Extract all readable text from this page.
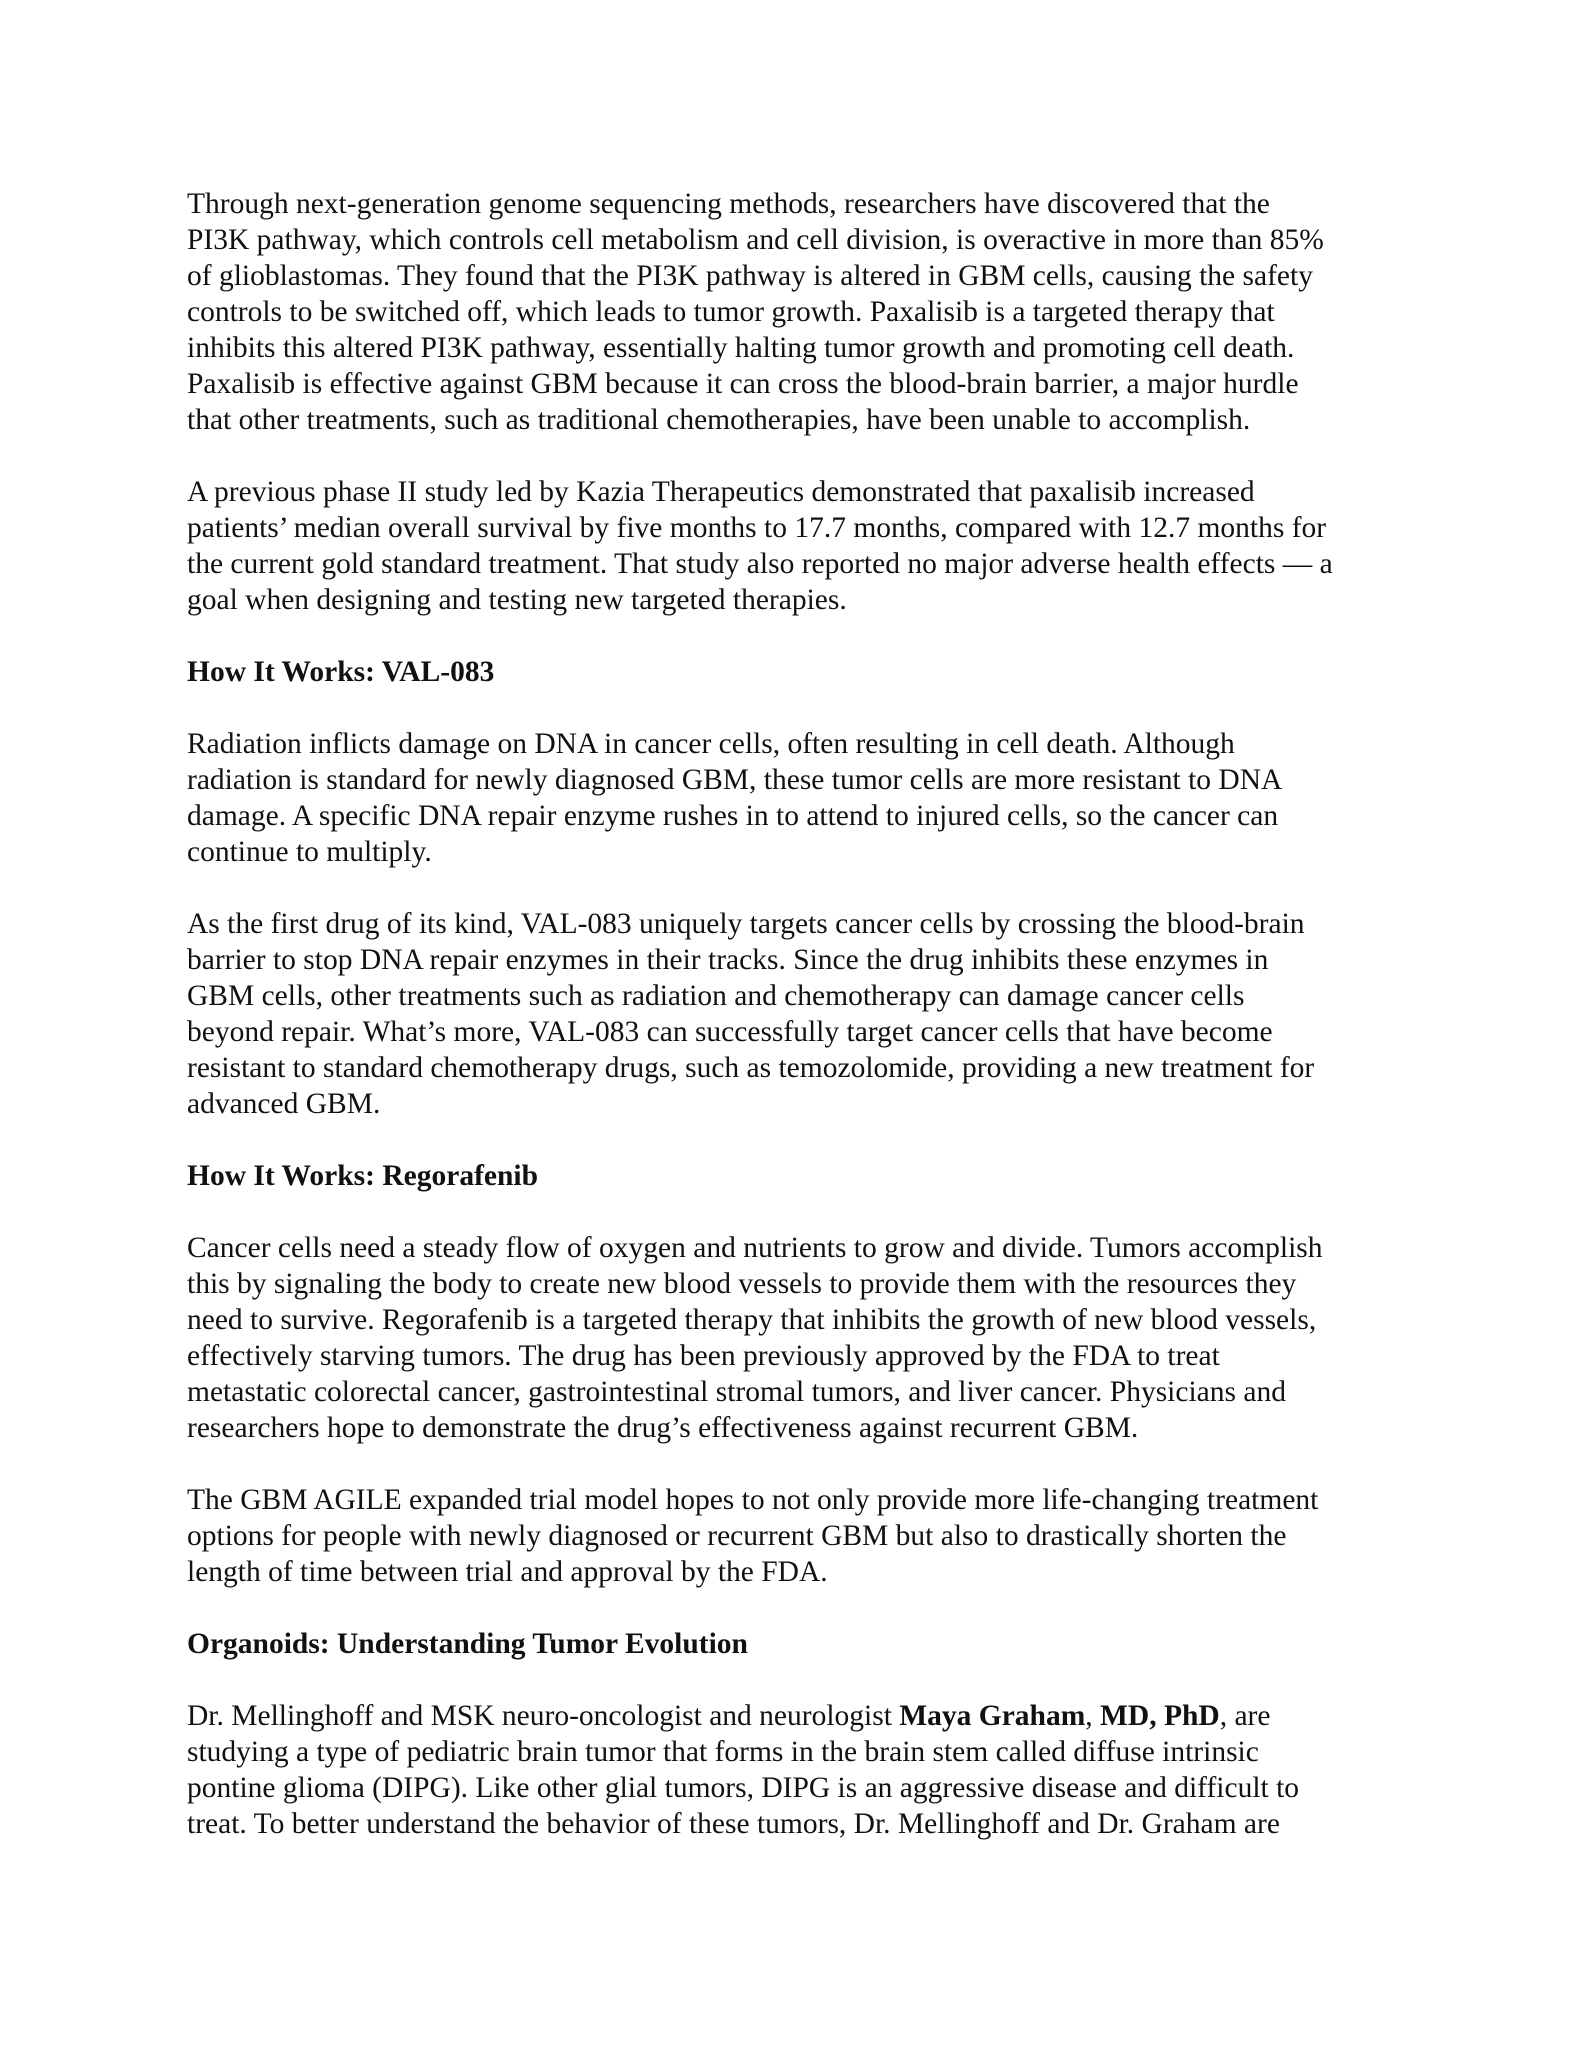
Through next-generation genome sequencing methods, researchers have discovered that the
PI3K pathway, which controls cell metabolism and cell division, is overactive in more than 85%
of glioblastomas. They found that the PI3K pathway is altered in GBM cells, causing the safety
controls to be switched off, which leads to tumor growth. Paxalisib is a targeted therapy that
inhibits this altered PI3K pathway, essentially halting tumor growth and promoting cell death.
Paxalisib is effective against GBM because it can cross the blood-brain barrier, a major hurdle
that other treatments, such as traditional chemotherapies, have been unable to accomplish.

A previous phase II study led by Kazia Therapeutics demonstrated that paxalisib increased
patients’ median overall survival by five months to 17.7 months, compared with 12.7 months for
the current gold standard treatment. That study also reported no major adverse health effects — a
goal when designing and testing new targeted therapies.

How It Works: VAL-083

Radiation inflicts damage on DNA in cancer cells, often resulting in cell death. Although
radiation is standard for newly diagnosed GBM, these tumor cells are more resistant to DNA
damage. A specific DNA repair enzyme rushes in to attend to injured cells, so the cancer can
continue to multiply.

As the first drug of its kind, VAL-083 uniquely targets cancer cells by crossing the blood-brain
barrier to stop DNA repair enzymes in their tracks. Since the drug inhibits these enzymes in
GBM cells, other treatments such as radiation and chemotherapy can damage cancer cells
beyond repair. What’s more, VAL-083 can successfully target cancer cells that have become
resistant to standard chemotherapy drugs, such as temozolomide, providing a new treatment for
advanced GBM.

How It Works: Regorafenib

Cancer cells need a steady flow of oxygen and nutrients to grow and divide. Tumors accomplish
this by signaling the body to create new blood vessels to provide them with the resources they
need to survive. Regorafenib is a targeted therapy that inhibits the growth of new blood vessels,
effectively starving tumors. The drug has been previously approved by the FDA to treat
metastatic colorectal cancer, gastrointestinal stromal tumors, and liver cancer. Physicians and
researchers hope to demonstrate the drug’s effectiveness against recurrent GBM.

The GBM AGILE expanded trial model hopes to not only provide more life-changing treatment
options for people with newly diagnosed or recurrent GBM but also to drastically shorten the
length of time between trial and approval by the FDA.

Organoids: Understanding Tumor Evolution

Dr. Mellinghoff and MSK neuro-oncologist and neurologist Maya Graham, MD, PhD, are
studying a type of pediatric brain tumor that forms in the brain stem called diffuse intrinsic
pontine glioma (DIPG). Like other glial tumors, DIPG is an aggressive disease and difficult to
treat. To better understand the behavior of these tumors, Dr. Mellinghoff and Dr. Graham are
